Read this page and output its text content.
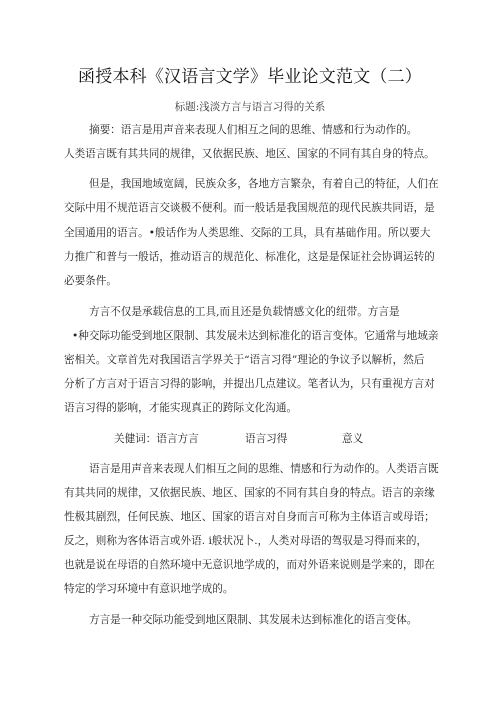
函授本科《汉语言文学》毕业论文范文（二）
标题:浅淡方言与语言习得的关系
摘要：语言是用声音来表现人们相互之间的思维、情感和行为动作的。
人类语言既有其共同的规律，又依据民族、地区、国家的不同有其自身的特点。
但是，我国地域宽阔，民族众多，各地方言繁杂，有着自己的特征，人们在
交际中用不规范语言交谈极不便利。而一般话是我国规范的现代民族共同语，是
全国通用的语言。•般话作为人类思维、交际的工具，具有基础作用。所以要大
力推广和普与一般话，推动语言的规范化、标准化，这是是保证社会协调运转的
必要条件。
方言不仅是承载信息的工具,而且还是负载情感文化的纽带。方言是
•种交际功能受到地区限制、其发展未达到标准化的语言变体。它通常与地域亲
密相关。文章首先对我国语言学界关于“语言习得”理论的争议予以解析，然后
分析了方言对于语言习得的影响，并提出几点建议。笔者认为，只有重视方言对
语言习得的影响，才能实现真正的跨际文化沟通。
关健词：语言方言	语言习得	意义
语言是用声音来表现人们相互之间的思维、情感和行为动作的。人类语言既
有其共同的规律，又依据民族、地区、国家的不同有其自身的特点。语言的亲缘
性极其剧烈，任何民族、地区、国家的语言对自身而言可称为主体语言或母语；
反之，则称为客体语言或外语. i般状况卜.，人类对母语的驾驭是习得而来的，
也就是说在母语的自然环境中无意识地学成的，而对外语来说则是学来的，即在
特定的学习环境中有意识地学成的。
方言是一种交际功能受到地区限制、其发展未达到标准化的语言变体。
